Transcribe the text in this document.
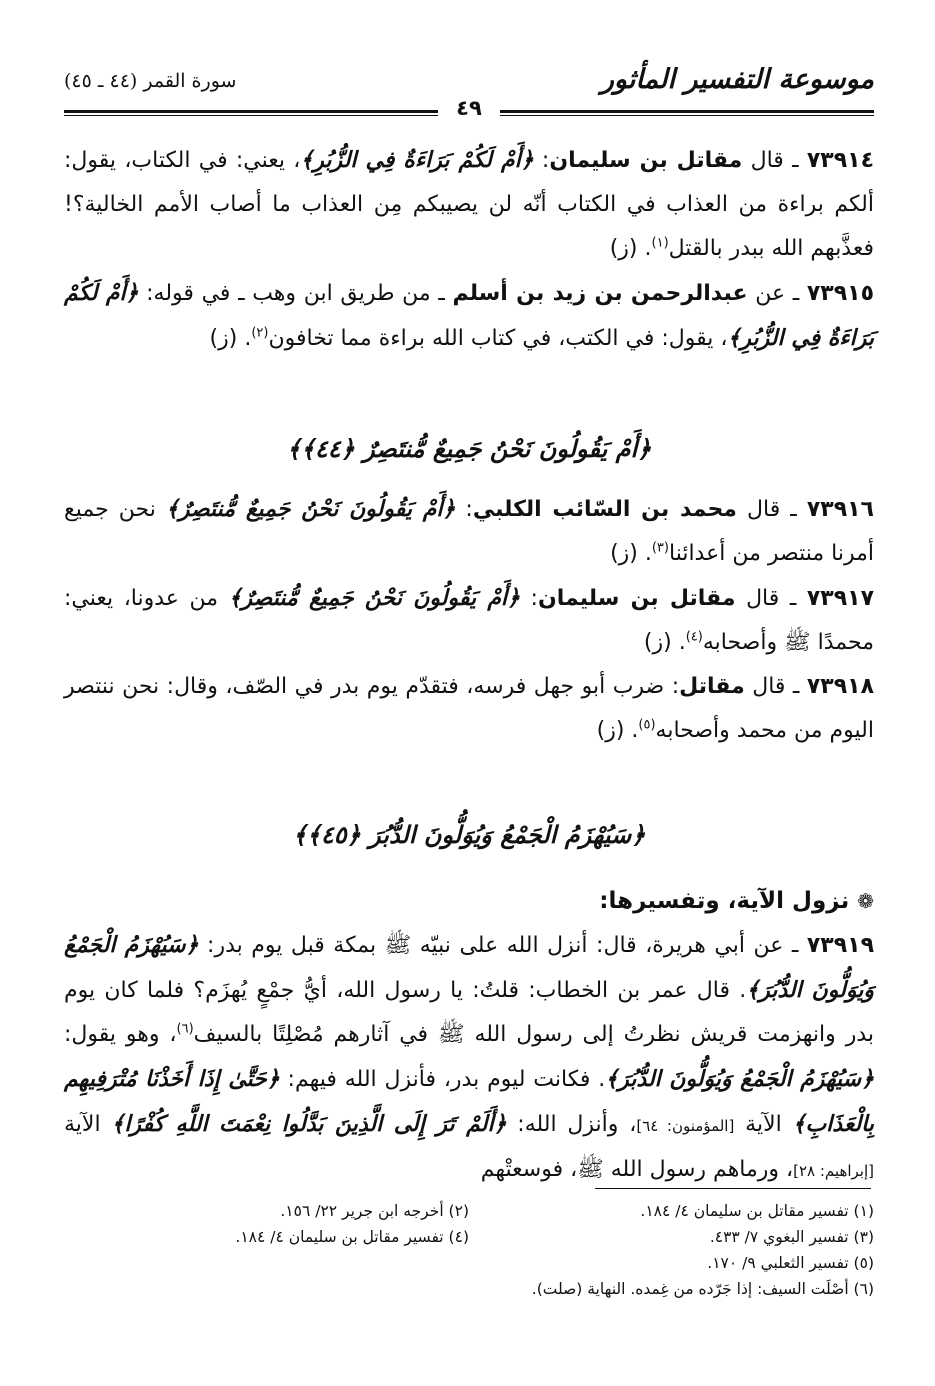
موسوعة التفسير المأثور
سورة القمر (٤٤ ـ ٤٥)
٤٩

٧٣٩١٤ ـ قال مقاتل بن سليمان: ﴿أَمْ لَكُمْ بَرَاءَةٌ فِي الزُّبُرِ﴾، يعني: في الكتاب، يقول: ألكم براءة من العذاب في الكتاب أنّه لن يصيبكم مِن العذاب ما أصاب الأمم الخالية؟! فعذَّبهم الله ببدر بالقتل$^{(١)}$. (ز)

٧٣٩١٥ ـ عن عبدالرحمن بن زيد بن أسلم ـ من طريق ابن وهب ـ في قوله: ﴿أَمْ لَكُمْ بَرَاءَةٌ فِي الزُّبُرِ﴾، يقول: في الكتب، في كتاب الله براءة مما تخافون$^{(٢)}$. (ز)

﴿أَمْ يَقُولُونَ نَحْنُ جَمِيعٌ مُّنتَصِرٌ ﴿٤٤﴾﴾

٧٣٩١٦ ـ قال محمد بن السّائب الكلبي: ﴿أَمْ يَقُولُونَ نَحْنُ جَمِيعٌ مُّنتَصِرٌ﴾ نحن جميع أمرنا منتصر من أعدائنا$^{(٣)}$. (ز)

٧٣٩١٧ ـ قال مقاتل بن سليمان: ﴿أَمْ يَقُولُونَ نَحْنُ جَمِيعٌ مُّنتَصِرٌ﴾ من عدونا، يعني: محمدًا ﷺ وأصحابه$^{(٤)}$. (ز)

٧٣٩١٨ ـ قال مقاتل: ضرب أبو جهل فرسه، فتقدّم يوم بدر في الصّف، وقال: نحن ننتصر اليوم من محمد وأصحابه$^{(٥)}$. (ز)

﴿سَيُهْزَمُ الْجَمْعُ وَيُوَلُّونَ الدُّبُرَ ﴿٤٥﴾﴾
❁ نزول الآية، وتفسيرها:

٧٣٩١٩ ـ عن أبي هريرة، قال: أنزل الله على نبيّه ﷺ بمكة قبل يوم بدر: ﴿سَيُهْزَمُ الْجَمْعُ وَيُوَلُّونَ الدُّبُرَ﴾. قال عمر بن الخطاب: قلتُ: يا رسول الله، أيُّ جمْعٍ يُهزَم؟ فلما كان يوم بدر وانهزمت قريش نظرتُ إلى رسول الله ﷺ في آثارهم مُصْلِتًا بالسيف$^{(٦)}$، وهو يقول: ﴿سَيُهْزَمُ الْجَمْعُ وَيُوَلُّونَ الدُّبُرَ﴾. فكانت ليوم بدر، فأنزل الله فيهم: ﴿حَتَّىٰ إِذَا أَخَذْنَا مُتْرَفِيهِم بِالْعَذَابِ﴾ الآية [المؤمنون: ٦٤]، وأنزل الله: ﴿أَلَمْ تَرَ إِلَى الَّذِينَ بَدَّلُوا نِعْمَتَ اللَّهِ كُفْرًا﴾ الآية [إبراهيم: ٢٨]، ورماهم رسول الله ﷺ، فوسعتْهم

(١) تفسير مقاتل بن سليمان ٤/ ١٨٤.
(٢) أخرجه ابن جرير ٢٢/ ١٥٦.
(٣) تفسير البغوي ٧/ ٤٣٣.
(٤) تفسير مقاتل بن سليمان ٤/ ١٨٤.
(٥) تفسير الثعلبي ٩/ ١٧٠.
(٦) أصْلَت السيف: إذا جَرّده من غِمده. النهاية (صلت).
